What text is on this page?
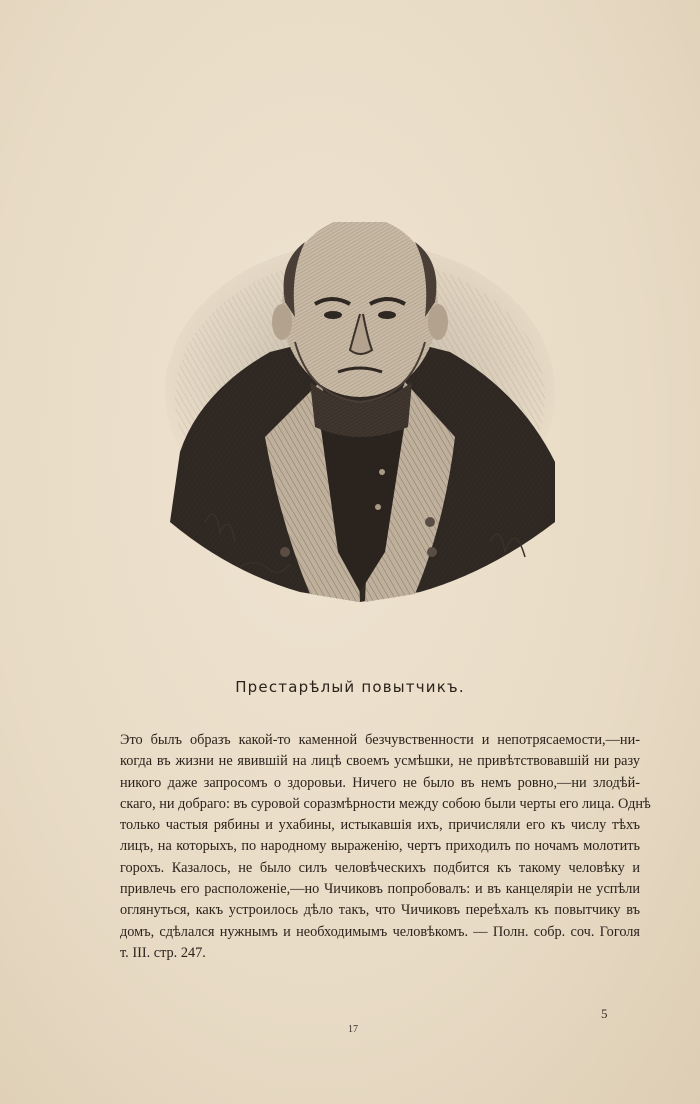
Престарѣлый повытчикъ.
Это былъ образъ какой-то каменной безчувственности и непотрясаемости,—ни-
когда въ жизни не явившій на лицѣ своемъ усмѣшки, не привѣтствовавшій ни разу
никого даже запросомъ о здоровьи. Ничего не было въ немъ ровно,—ни злодѣй-
скаго, ни добраго: въ суровой соразмѣрности между собою были черты его лица. Однѣ
только частыя рябины и ухабины, истыкавшія ихъ, причисляли его къ числу тѣхъ
лицъ, на которыхъ, по народному выраженію, чертъ приходилъ по ночамъ молотить
горохъ. Казалось, не было силъ человѣческихъ подбится къ такому человѣку и
привлечь его расположеніе,—но Чичиковъ попробовалъ: и въ канцеляріи не успѣли
оглянуться, какъ устроилось дѣло такъ, что Чичиковъ переѣхалъ къ повытчику въ
домъ, сдѣлался нужнымъ и необходимымъ человѣкомъ. — Полн. собр. соч. Гоголя
т. III. стр. 247.
17
5
